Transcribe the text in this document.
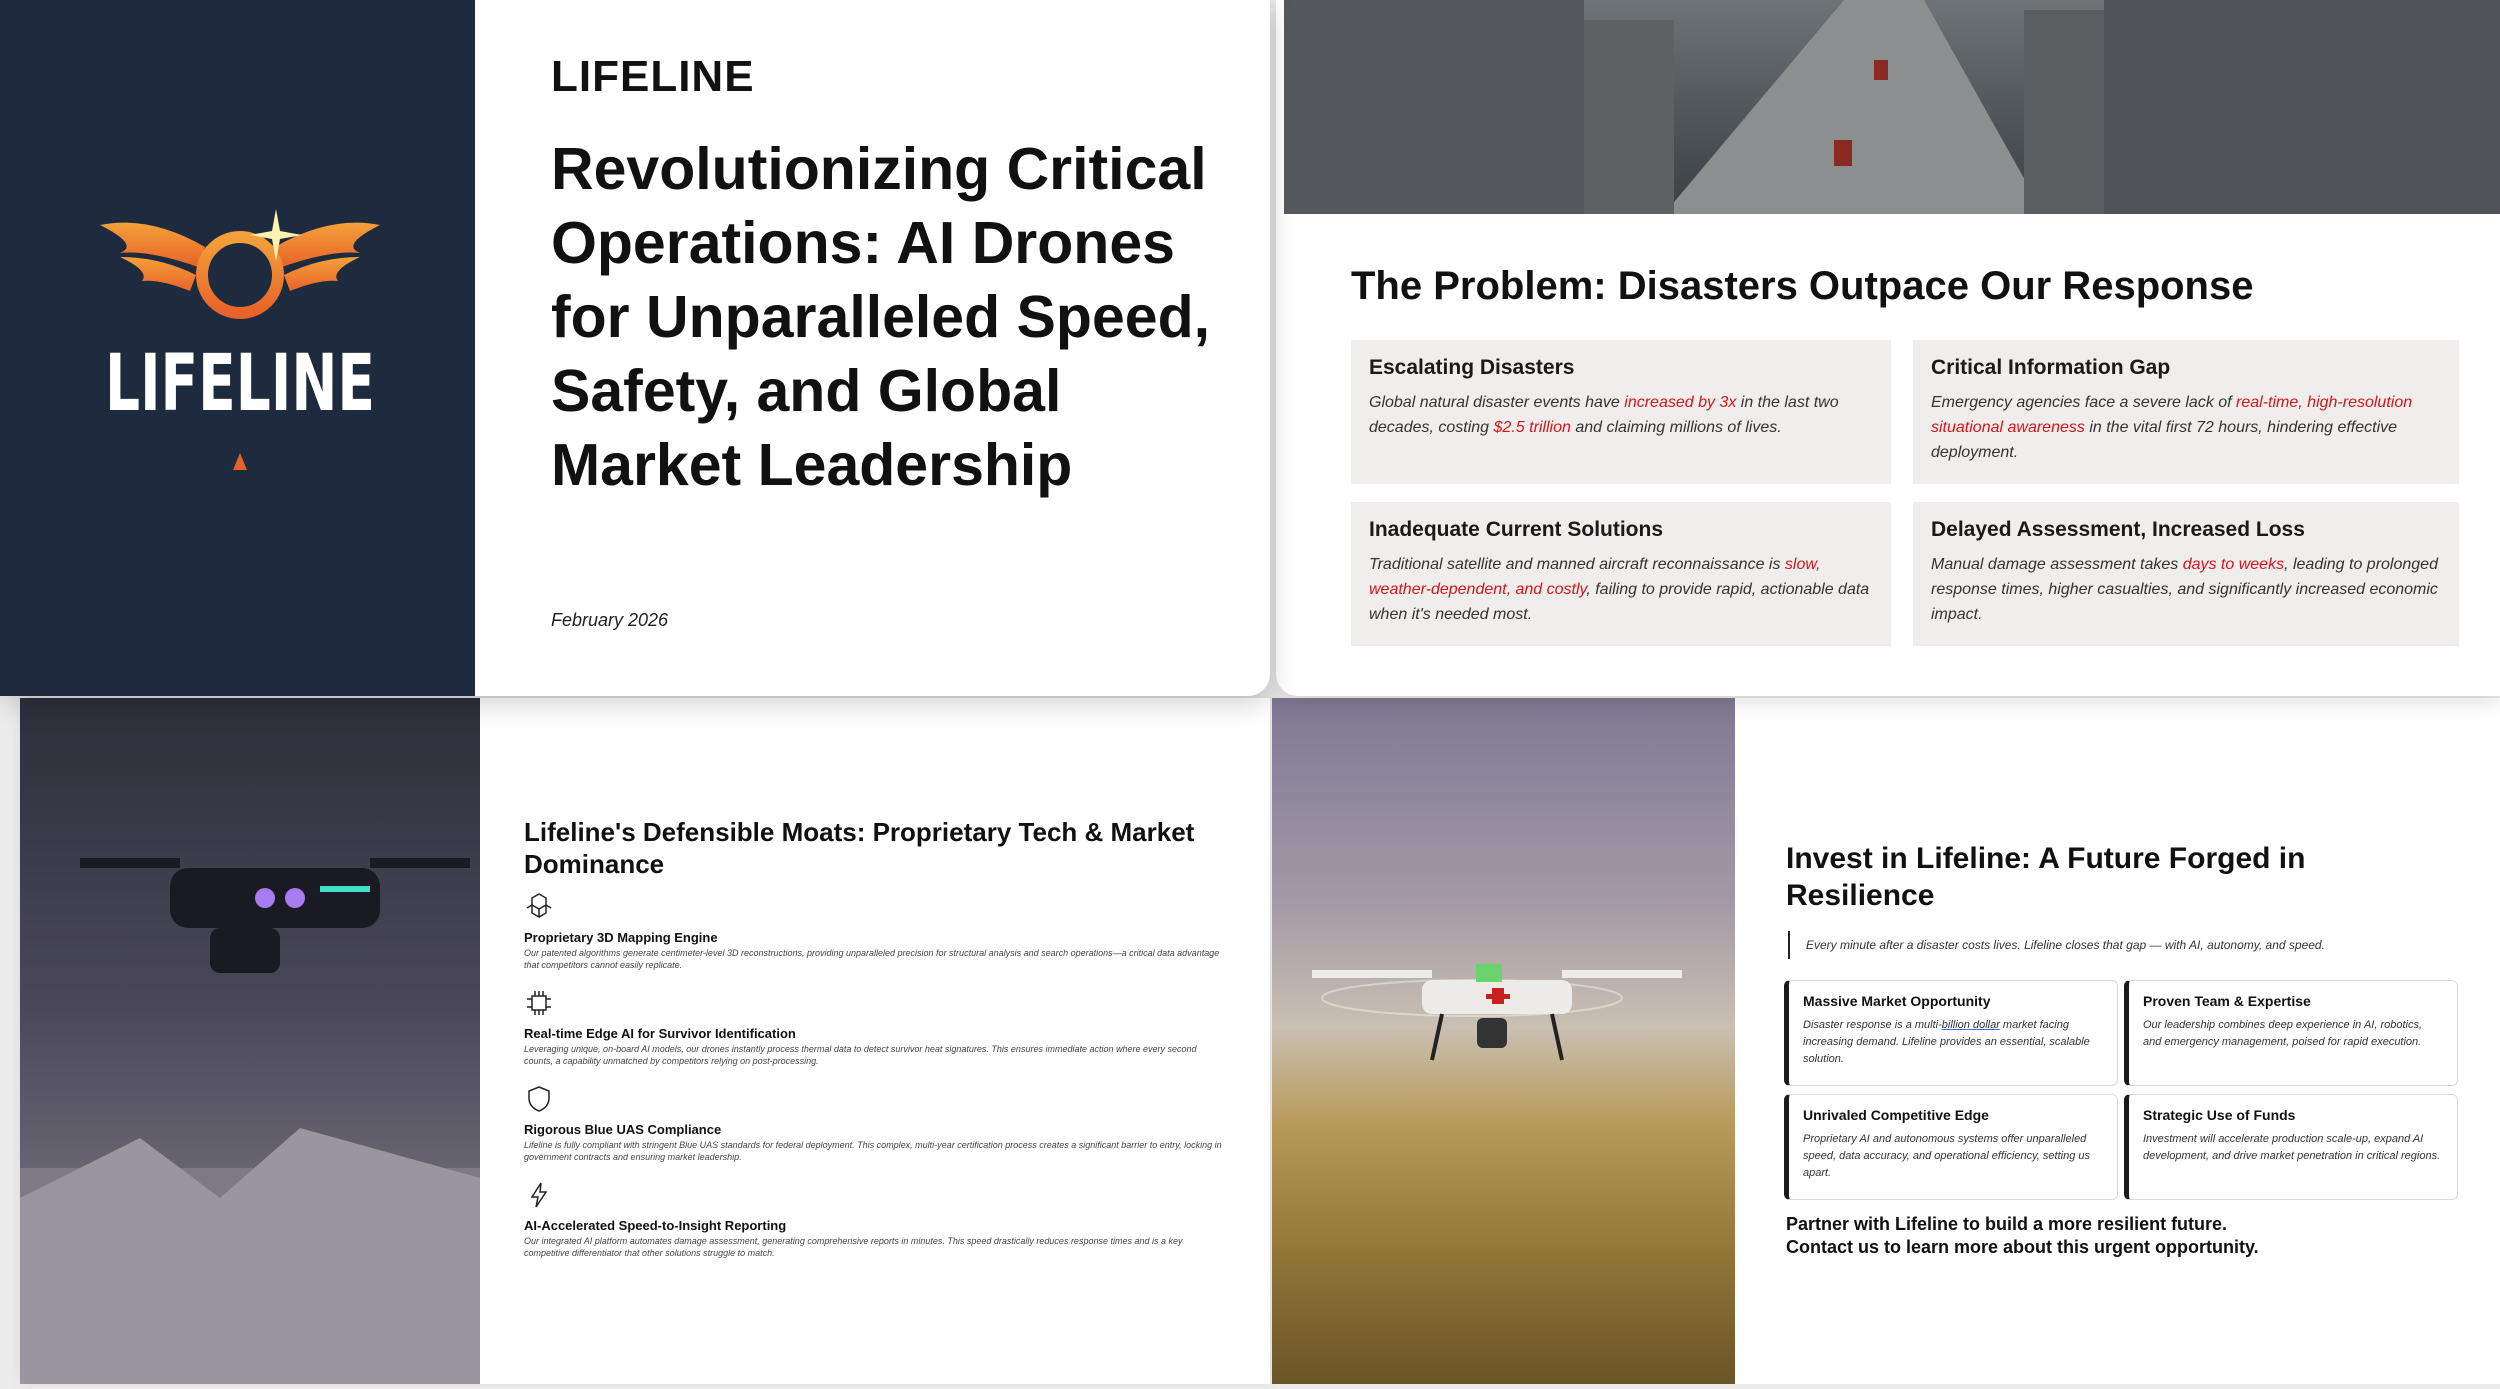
LIFELINE
LIFELINE
Revolutionizing Critical Operations: AI Drones for Unparalleled Speed, Safety, and Global Market Leadership
February 2026
The Problem: Disasters Outpace Our Response
Escalating Disasters

Global natural disaster events have increased by 3x in the last two decades, costing $2.5 trillion and claiming millions of lives.

Critical Information Gap

Emergency agencies face a severe lack of real-time, high-resolution situational awareness in the vital first 72 hours, hindering effective deployment.

Inadequate Current Solutions

Traditional satellite and manned aircraft reconnaissance is slow, weather-dependent, and costly, failing to provide rapid, actionable data when it's needed most.

Delayed Assessment, Increased Loss

Manual damage assessment takes days to weeks, leading to prolonged response times, higher casualties, and significantly increased economic impact.

Lifeline's Defensible Moats: Proprietary Tech & Market Dominance
Proprietary 3D Mapping Engine
Our patented algorithms generate centimeter-level 3D reconstructions, providing unparalleled precision for structural analysis and search operations—a critical data advantage that competitors cannot easily replicate.
Real-time Edge AI for Survivor Identification
Leveraging unique, on-board AI models, our drones instantly process thermal data to detect survivor heat signatures. This ensures immediate action where every second counts, a capability unmatched by competitors relying on post-processing.
Rigorous Blue UAS Compliance
Lifeline is fully compliant with stringent Blue UAS standards for federal deployment. This complex, multi-year certification process creates a significant barrier to entry, locking in government contracts and ensuring market leadership.
AI-Accelerated Speed-to-Insight Reporting
Our integrated AI platform automates damage assessment, generating comprehensive reports in minutes. This speed drastically reduces response times and is a key competitive differentiator that other solutions struggle to match.
Invest in Lifeline: A Future Forged in Resilience
Every minute after a disaster costs lives. Lifeline closes that gap — with AI, autonomy, and speed.
Massive Market Opportunity

Disaster response is a multi-billion dollar market facing increasing demand. Lifeline provides an essential, scalable solution.

Proven Team & Expertise

Our leadership combines deep experience in AI, robotics, and emergency management, poised for rapid execution.

Unrivaled Competitive Edge

Proprietary AI and autonomous systems offer unparalleled speed, data accuracy, and operational efficiency, setting us apart.

Strategic Use of Funds

Investment will accelerate production scale-up, expand AI development, and drive market penetration in critical regions.

Partner with Lifeline to build a more resilient future.
Contact us to learn more about this urgent opportunity.
